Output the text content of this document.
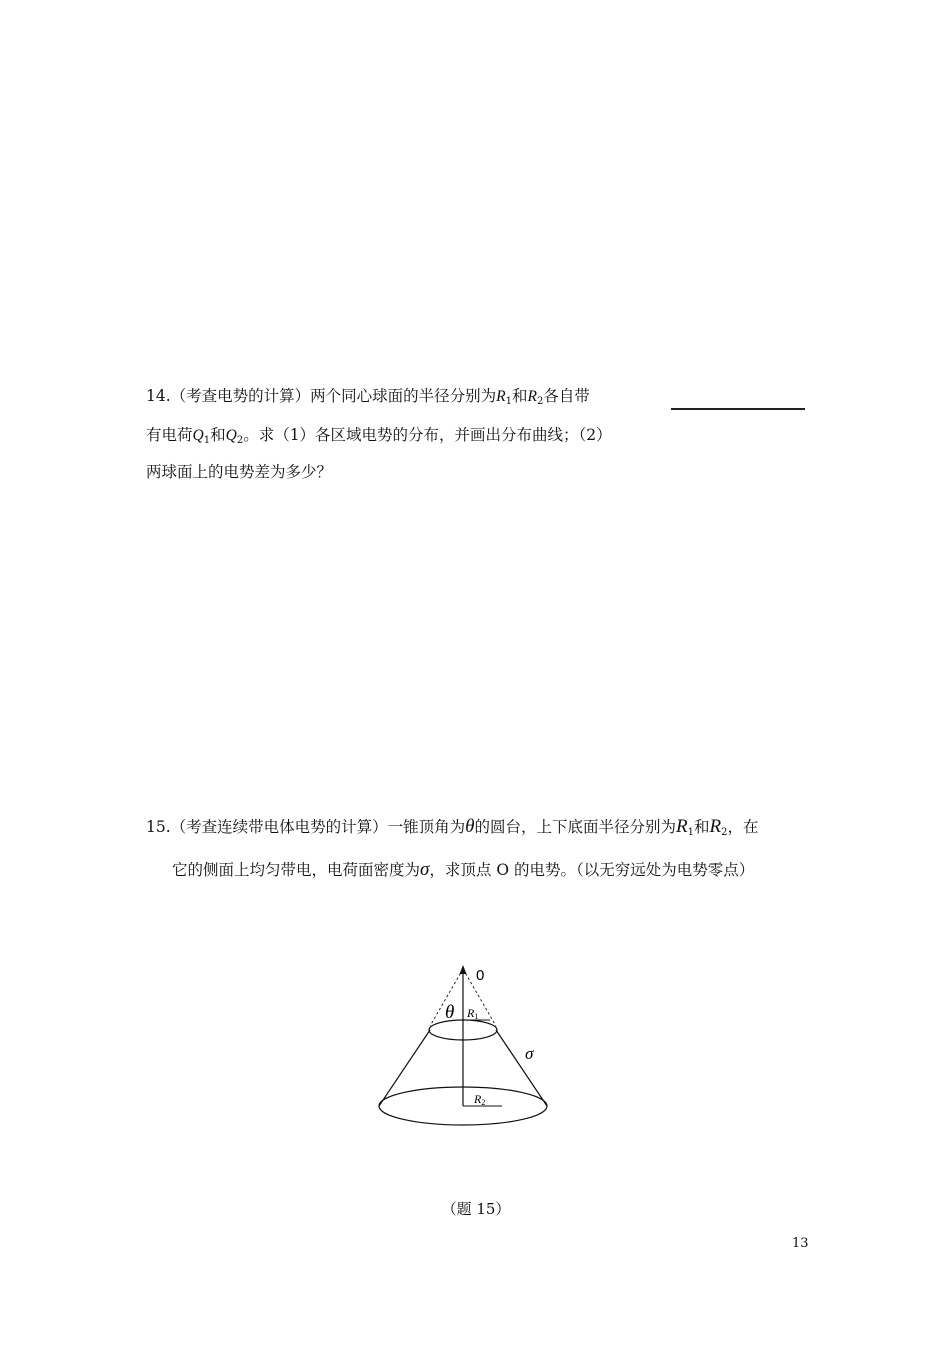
14.（考查电势的计算）两个同心球面的半径分别为$R_1$和$R_2$各自带
有电荷$Q_1$和$Q_2$。求（1）各区域电势的分布，并画出分布曲线；（2）
两球面上的电势差为多少？
15.（考查连续带电体电势的计算）一锥顶角为θ的圆台，上下底面半径分别为$R_1$和$R_2$，在
它的侧面上均匀带电，电荷面密度为σ，求顶点 O 的电势。（以无穷远处为电势零点）
0
θ R1
R2
σ
（题 15）
13
